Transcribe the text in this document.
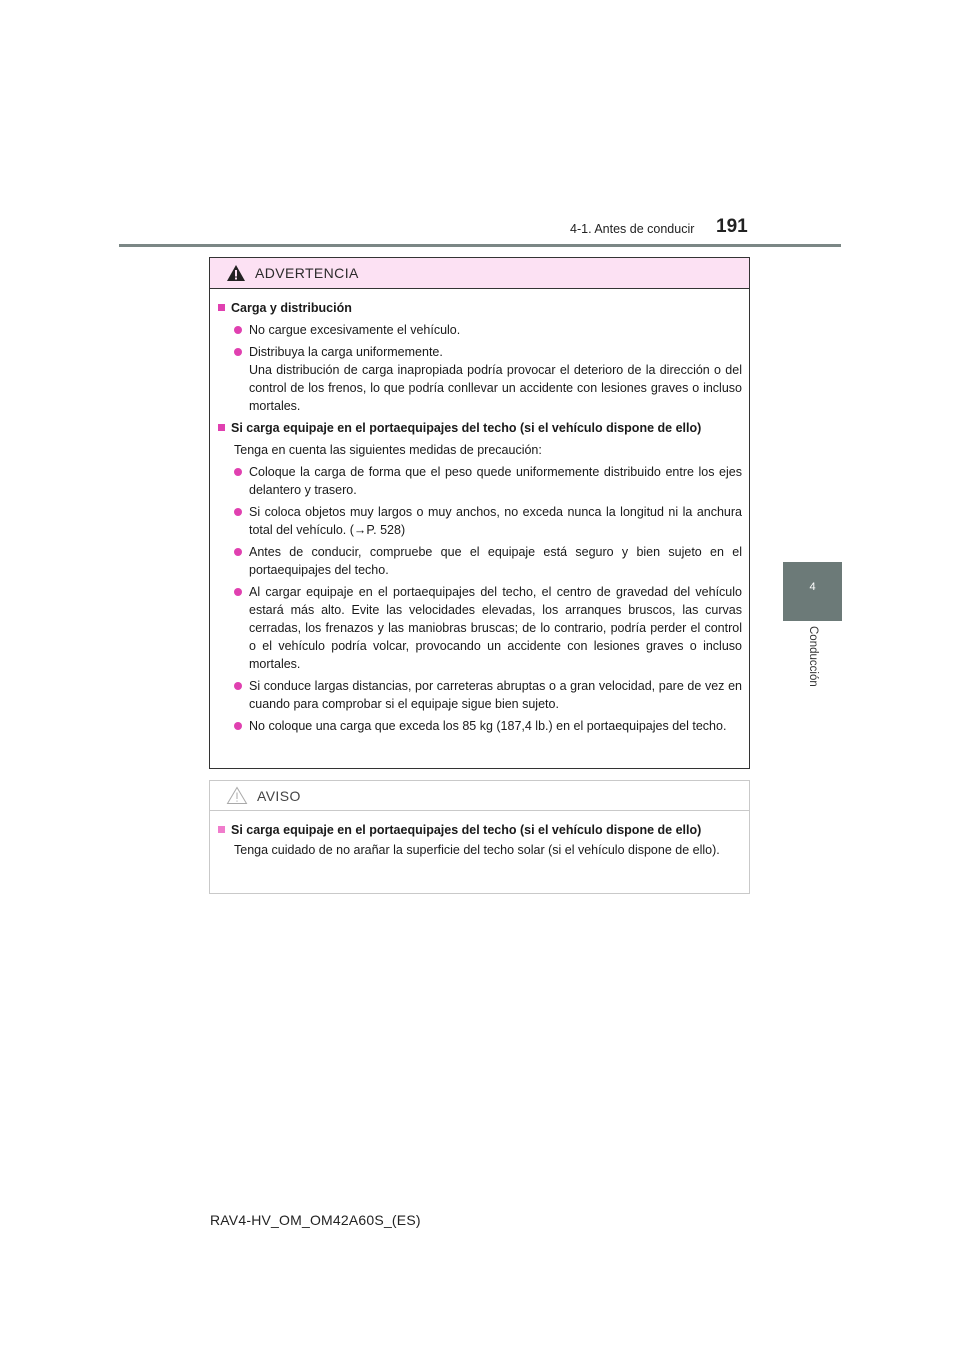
4-1. Antes de conducir 191
4
Conducción
ADVERTENCIA
Carga y distribución
No cargue excesivamente el vehículo.
Distribuya la carga uniformemente.
Una distribución de carga inapropiada podría provocar el deterioro de la dirección o del control de los frenos, lo que podría conllevar un accidente con lesiones graves o incluso mortales.
Si carga equipaje en el portaequipajes del techo (si el vehículo dispone de ello)
Tenga en cuenta las siguientes medidas de precaución:
Coloque la carga de forma que el peso quede uniformemente distribuido entre los ejes delantero y trasero.
Si coloca objetos muy largos o muy anchos, no exceda nunca la longitud ni la anchura total del vehículo. (→P. 528)
Antes de conducir, compruebe que el equipaje está seguro y bien sujeto en el portaequipajes del techo.
Al cargar equipaje en el portaequipajes del techo, el centro de gravedad del vehículo estará más alto. Evite las velocidades elevadas, los arranques bruscos, las curvas cerradas, los frenazos y las maniobras bruscas; de lo contrario, podría perder el control o el vehículo podría volcar, provocando un accidente con lesiones graves o incluso mortales.
Si conduce largas distancias, por carreteras abruptas o a gran velocidad, pare de vez en cuando para comprobar si el equipaje sigue bien sujeto.
No coloque una carga que exceda los 85 kg (187,4 lb.) en el portaequipajes del techo.
AVISO
Si carga equipaje en el portaequipajes del techo (si el vehículo dispone de ello)
Tenga cuidado de no arañar la superficie del techo solar (si el vehículo dispone de ello).
RAV4-HV_OM_OM42A60S_(ES)
